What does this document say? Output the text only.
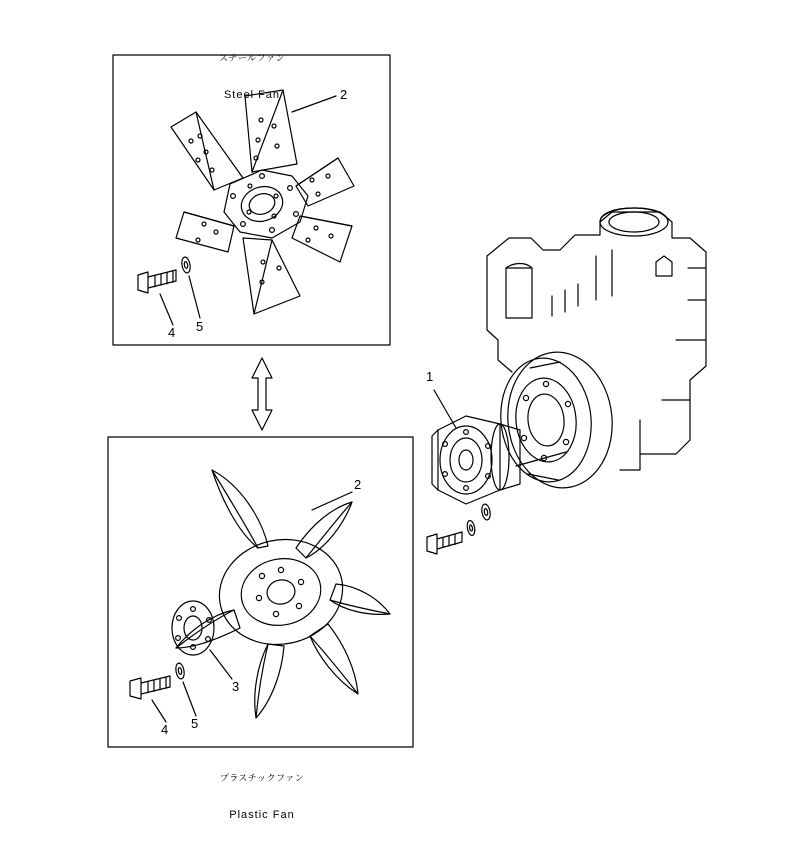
スチールファン

Steel Fan

プラスチックファン

Plastic Fan

2
4 5
1
2
3
4 5
